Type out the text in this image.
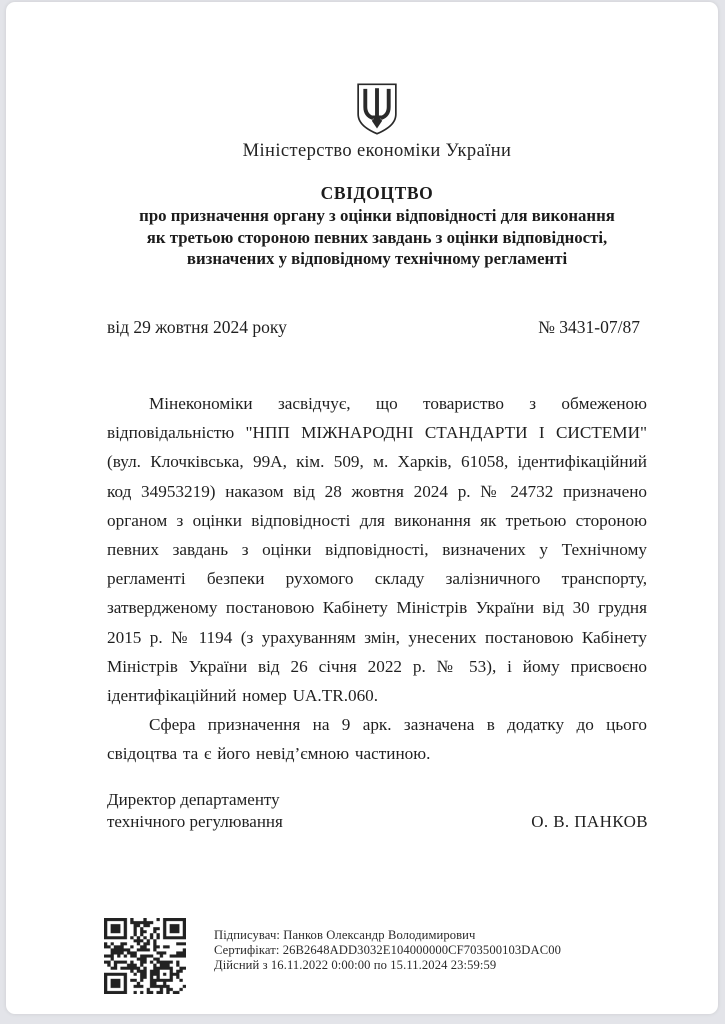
Міністерство економіки України
СВІДОЦТВО
про призначення органу з оцінки відповідності для виконання
як третьою стороною певних завдань з оцінки відповідності,
визначених у відповідному технічному регламенті
від 29 жовтня 2024 року	№ 3431-07/87

Мінекономіки засвідчує, що товариство з обмеженою відповідальністю "НПП МІЖНАРОДНІ СТАНДАРТИ І СИСТЕМИ" (вул. Клочківська, 99А, кім. 509, м. Харків, 61058, ідентифікаційний код 34953219) наказом від 28 жовтня 2024 р. № 24732 призначено органом з оцінки відповідності для виконання як третьою стороною певних завдань з оцінки відповідності, визначених у Технічному регламенті безпеки рухомого складу залізничного транспорту, затвердженому постановою Кабінету Міністрів України від 30 грудня 2015 р. № 1194 (з урахуванням змін, унесених постановою Кабінету Міністрів України від 26 січня 2022 р. № 53), і йому присвоєно ідентифікаційний номер UA.TR.060.

Сфера призначення на 9 арк. зазначена в додатку до цього свідоцтва та є його невід’ємною частиною.

Директор департаменту
технічного регулювання	О. В. ПАНКОВ
Підписувач: Панков Олександр Володимирович
Сертифікат: 26B2648ADD3032E104000000CF703500103DAC00
Дійсний з 16.11.2022 0:00:00 по 15.11.2024 23:59:59
